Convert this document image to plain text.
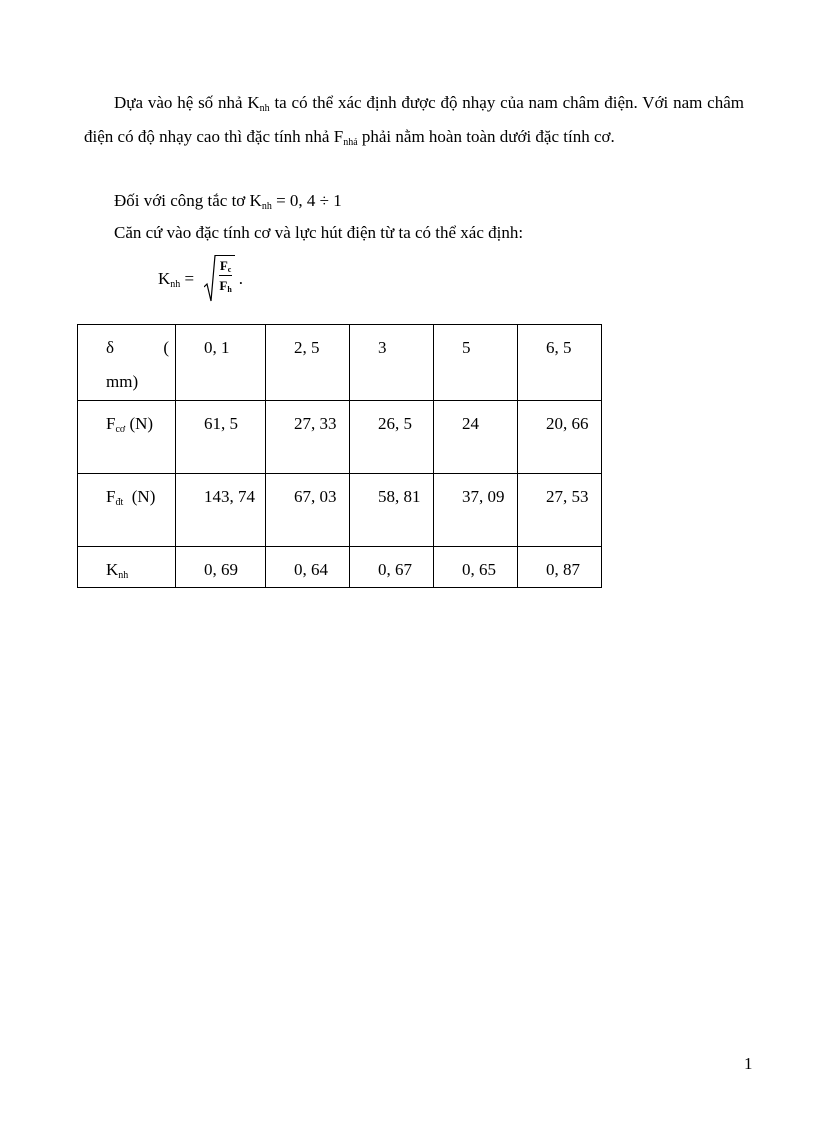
Dựa vào hệ số nhả $K_{nh}$ ta có thể xác định được độ nhạy của nam châm điện. Với nam châm điện có độ nhạy cao thì đặc tính nhả $F_{nhả}$ phải nằm hoàn toàn dưới đặc tính cơ.

Đối với công tắc tơ $K_{nh} = 0$, 4 ÷ 1

Căn cứ vào đặc tính cơ và lực hút điện từ ta có thể xác định:

$K_{nh} = \frac{F_c}{F_h}$ .
δ (
mm)	0, 1	2, 5	3	5	6, 5
$F_{cơ}$ (N)	61, 5	27, 33	26, 5	24	20, 66
$F_{đt}$  (N)	143, 74	67, 03	58, 81	37, 09	27, 53
$K_{nh}$	0, 69	0, 64	0, 67	0, 65	0, 87
1
